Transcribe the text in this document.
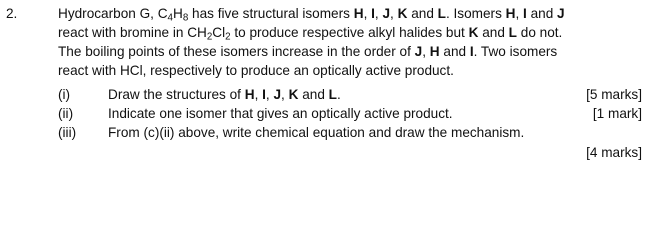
2.	Hydrocarbon G, $C_4H_8$ has five structural isomers H, I, J, K and L. Isomers H, I and J

react with bromine in $CH_2Cl_2$ to produce respective alkyl halides but K and L do not.

The boiling points of these isomers increase in the order of J, H and I. Two isomers

react with HCl, respectively to produce an optically active product.

(i)	Draw the structures of H, I, J, K and L.	[5 marks]
(ii)	Indicate one isomer that gives an optically active product.	[1 mark]
(iii) From (c)(ii) above, write chemical equation and draw the mechanism.
[4 marks]
